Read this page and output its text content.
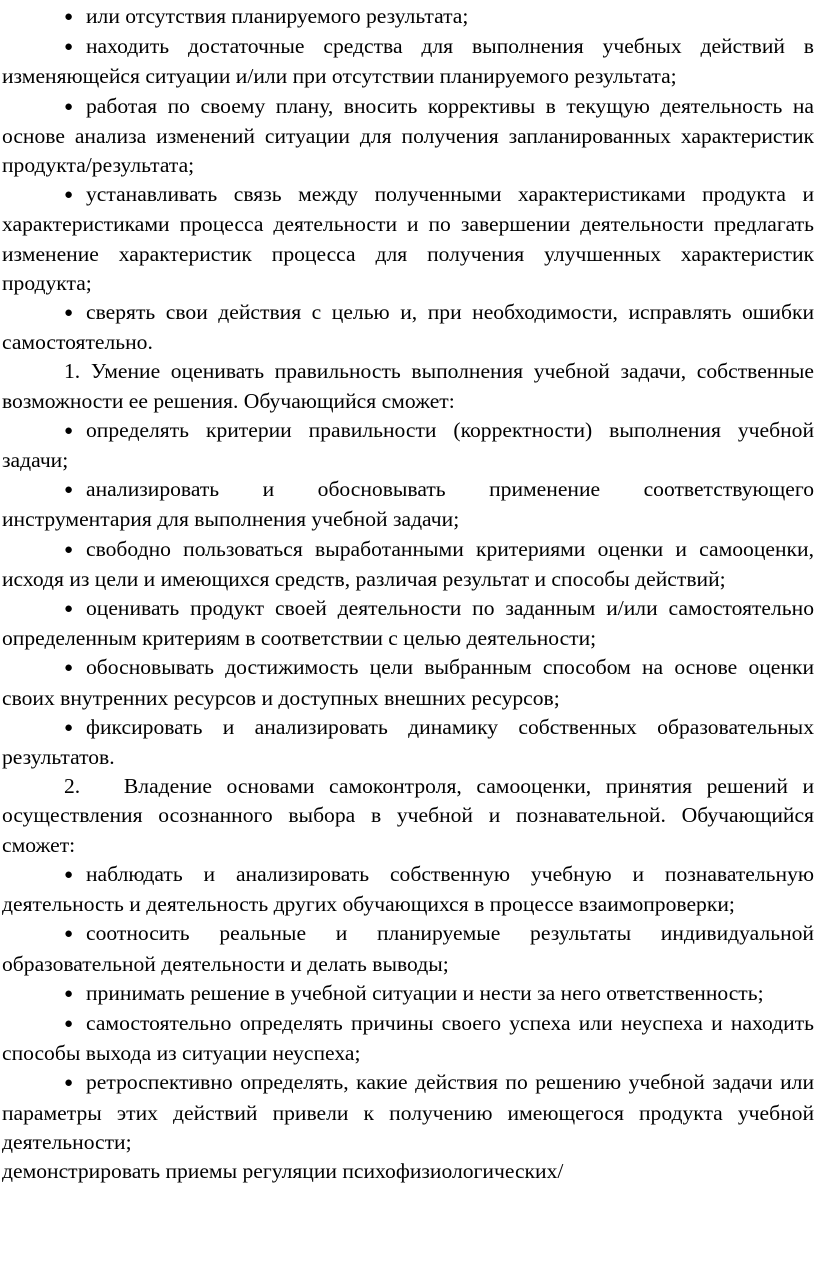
● или отсутствия планируемого результата;

● находить достаточные средства для выполнения учебных действий в изменяющейся ситуации и/или при отсутствии планируемого результата;

● работая по своему плану, вносить коррективы в текущую деятельность на основе анализа изменений ситуации для получения запланированных характеристик продукта/результата;

● устанавливать связь между полученными характеристиками продукта и характеристиками процесса деятельности и по завершении деятельности предлагать изменение характеристик процесса для получения улучшенных характеристик продукта;

● сверять свои действия с целью и, при необходимости, исправлять ошибки самостоятельно.

1. Умение оценивать правильность выполнения учебной задачи, собственные возможности ее решения. Обучающийся сможет:

● определять критерии правильности (корректности) выполнения учебной задачи;

● анализировать и обосновывать применение соответствующего инструментария для выполнения учебной задачи;

● свободно пользоваться выработанными критериями оценки и самооценки, исходя из цели и имеющихся средств, различая результат и способы действий;

● оценивать продукт своей деятельности по заданным и/или самостоятельно определенным критериям в соответствии с целью деятельности;

● обосновывать достижимость цели выбранным способом на основе оценки своих внутренних ресурсов и доступных внешних ресурсов;

● фиксировать и анализировать динамику собственных образовательных результатов.

2. Владение основами самоконтроля, самооценки, принятия решений и осуществления осознанного выбора в учебной и познавательной. Обучающийся сможет:

● наблюдать и анализировать собственную учебную и познавательную деятельность и деятельность других обучающихся в процессе взаимопроверки;

● соотносить реальные и планируемые результаты индивидуальной образовательной деятельности и делать выводы;

● принимать решение в учебной ситуации и нести за него ответственность;

● самостоятельно определять причины своего успеха или неуспеха и находить способы выхода из ситуации неуспеха;

● ретроспективно определять, какие действия по решению учебной задачи или параметры этих действий привели к получению имеющегося продукта учебной деятельности;

демонстрировать приемы регуляции психофизиологических/
